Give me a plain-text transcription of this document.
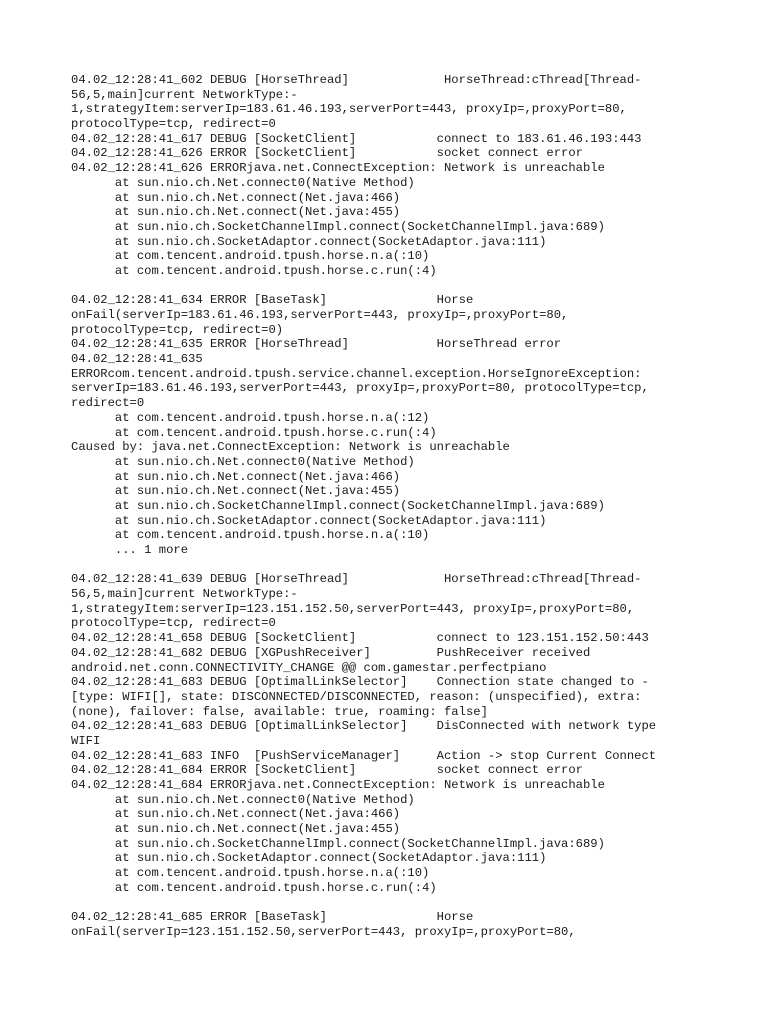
04.02_12:28:41_602 DEBUG [HorseThread]             HorseThread:cThread[Thread-
56,5,main]current NetworkType:-
1,strategyItem:serverIp=183.61.46.193,serverPort=443, proxyIp=,proxyPort=80,
protocolType=tcp, redirect=0
04.02_12:28:41_617 DEBUG [SocketClient]           connect to 183.61.46.193:443
04.02_12:28:41_626 ERROR [SocketClient]           socket connect error
04.02_12:28:41_626 ERRORjava.net.ConnectException: Network is unreachable
at sun.nio.ch.Net.connect0(Native Method)
at sun.nio.ch.Net.connect(Net.java:466)
at sun.nio.ch.Net.connect(Net.java:455)
at sun.nio.ch.SocketChannelImpl.connect(SocketChannelImpl.java:689)
at sun.nio.ch.SocketAdaptor.connect(SocketAdaptor.java:111)
at com.tencent.android.tpush.horse.n.a(:10)
at com.tencent.android.tpush.horse.c.run(:4)

04.02_12:28:41_634 ERROR [BaseTask]               Horse
onFail(serverIp=183.61.46.193,serverPort=443, proxyIp=,proxyPort=80,
protocolType=tcp, redirect=0)
04.02_12:28:41_635 ERROR [HorseThread]            HorseThread error
04.02_12:28:41_635
ERRORcom.tencent.android.tpush.service.channel.exception.HorseIgnoreException:
serverIp=183.61.46.193,serverPort=443, proxyIp=,proxyPort=80, protocolType=tcp,
redirect=0
at com.tencent.android.tpush.horse.n.a(:12)
at com.tencent.android.tpush.horse.c.run(:4)
Caused by: java.net.ConnectException: Network is unreachable
at sun.nio.ch.Net.connect0(Native Method)
at sun.nio.ch.Net.connect(Net.java:466)
at sun.nio.ch.Net.connect(Net.java:455)
at sun.nio.ch.SocketChannelImpl.connect(SocketChannelImpl.java:689)
at sun.nio.ch.SocketAdaptor.connect(SocketAdaptor.java:111)
at com.tencent.android.tpush.horse.n.a(:10)
... 1 more

04.02_12:28:41_639 DEBUG [HorseThread]             HorseThread:cThread[Thread-
56,5,main]current NetworkType:-
1,strategyItem:serverIp=123.151.152.50,serverPort=443, proxyIp=,proxyPort=80,
protocolType=tcp, redirect=0
04.02_12:28:41_658 DEBUG [SocketClient]           connect to 123.151.152.50:443
04.02_12:28:41_682 DEBUG [XGPushReceiver]         PushReceiver received
android.net.conn.CONNECTIVITY_CHANGE @@ com.gamestar.perfectpiano
04.02_12:28:41_683 DEBUG [OptimalLinkSelector]    Connection state changed to -
[type: WIFI[], state: DISCONNECTED/DISCONNECTED, reason: (unspecified), extra:
(none), failover: false, available: true, roaming: false]
04.02_12:28:41_683 DEBUG [OptimalLinkSelector]    DisConnected with network type
WIFI
04.02_12:28:41_683 INFO  [PushServiceManager]     Action -> stop Current Connect
04.02_12:28:41_684 ERROR [SocketClient]           socket connect error
04.02_12:28:41_684 ERRORjava.net.ConnectException: Network is unreachable
at sun.nio.ch.Net.connect0(Native Method)
at sun.nio.ch.Net.connect(Net.java:466)
at sun.nio.ch.Net.connect(Net.java:455)
at sun.nio.ch.SocketChannelImpl.connect(SocketChannelImpl.java:689)
at sun.nio.ch.SocketAdaptor.connect(SocketAdaptor.java:111)
at com.tencent.android.tpush.horse.n.a(:10)
at com.tencent.android.tpush.horse.c.run(:4)

04.02_12:28:41_685 ERROR [BaseTask]               Horse
onFail(serverIp=123.151.152.50,serverPort=443, proxyIp=,proxyPort=80,
